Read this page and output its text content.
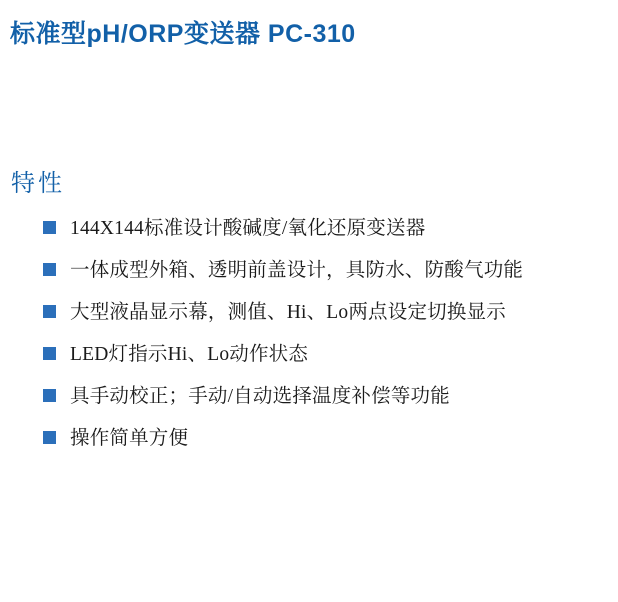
标准型pH/ORP变送器 PC-310
特性
144X144标准设计酸碱度/氧化还原变送器
一体成型外箱、透明前盖设计，具防水、防酸气功能
大型液晶显示幕，测值、Hi、Lo两点设定切换显示
LED灯指示Hi、Lo动作状态
具手动校正；手动/自动选择温度补偿等功能
操作简单方便
